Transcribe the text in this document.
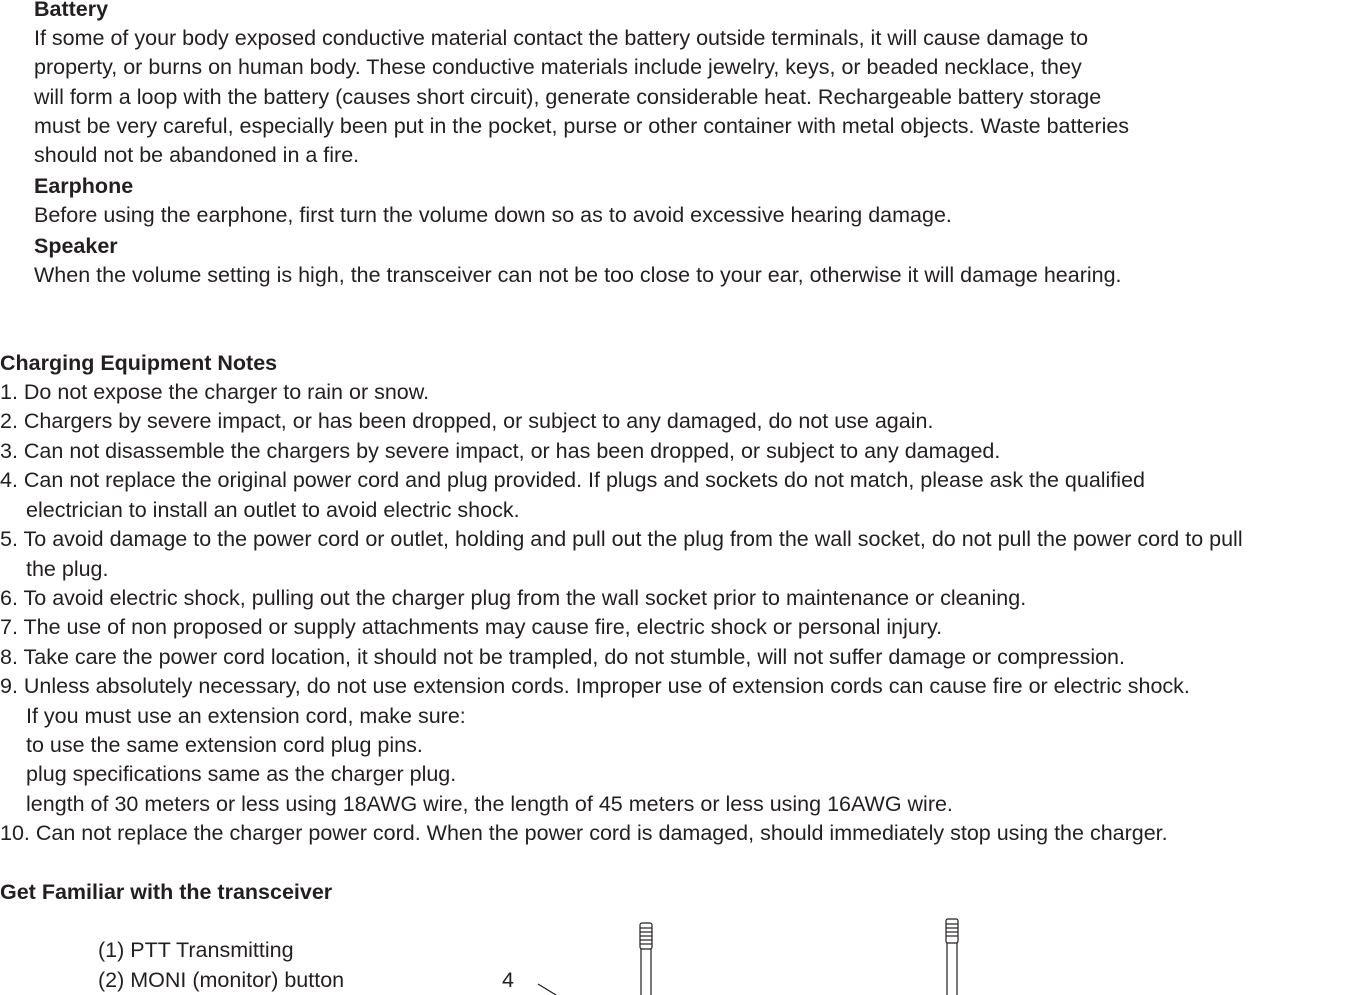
Battery
If some of your body exposed conductive material contact the battery outside terminals, it will cause damage to
property, or burns on human body. These conductive materials include jewelry, keys, or beaded necklace, they
will form a loop with the battery (causes short circuit), generate considerable heat. Rechargeable battery storage
must be very careful, especially been put in the pocket, purse or other container with metal objects. Waste batteries
should not be abandoned in a fire.
Earphone
Before using the earphone, first turn the volume down so as to avoid excessive hearing damage.
Speaker
When the volume setting is high, the transceiver can not be too close to your ear, otherwise it will damage hearing.
Charging Equipment Notes
1. Do not expose the charger to rain or snow.
2. Chargers by severe impact, or has been dropped, or subject to any damaged, do not use again.
3. Can not disassemble the chargers by severe impact, or has been dropped, or subject to any damaged.
4. Can not replace the original power cord and plug provided. If plugs and sockets do not match, please ask the qualified
electrician to install an outlet to avoid electric shock.
5. To avoid damage to the power cord or outlet, holding and pull out the plug from the wall socket, do not pull the power cord to pull
the plug.
6. To avoid electric shock, pulling out the charger plug from the wall socket prior to maintenance or cleaning.
7. The use of non proposed or supply attachments may cause fire, electric shock or personal injury.
8. Take care the power cord location, it should not be trampled, do not stumble, will not suffer damage or compression.
9. Unless absolutely necessary, do not use extension cords. Improper use of extension cords can cause fire or electric shock.
If you must use an extension cord, make sure:
to use the same extension cord plug pins.
plug specifications same as the charger plug.
length of 30 meters or less using 18AWG wire, the length of 45 meters or less using 16AWG wire.
10. Can not replace the charger power cord. When the power cord is damaged, should immediately stop using the charger.
Get Familiar with the transceiver
(1) PTT Transmitting
(2) MONI (monitor) button	4
